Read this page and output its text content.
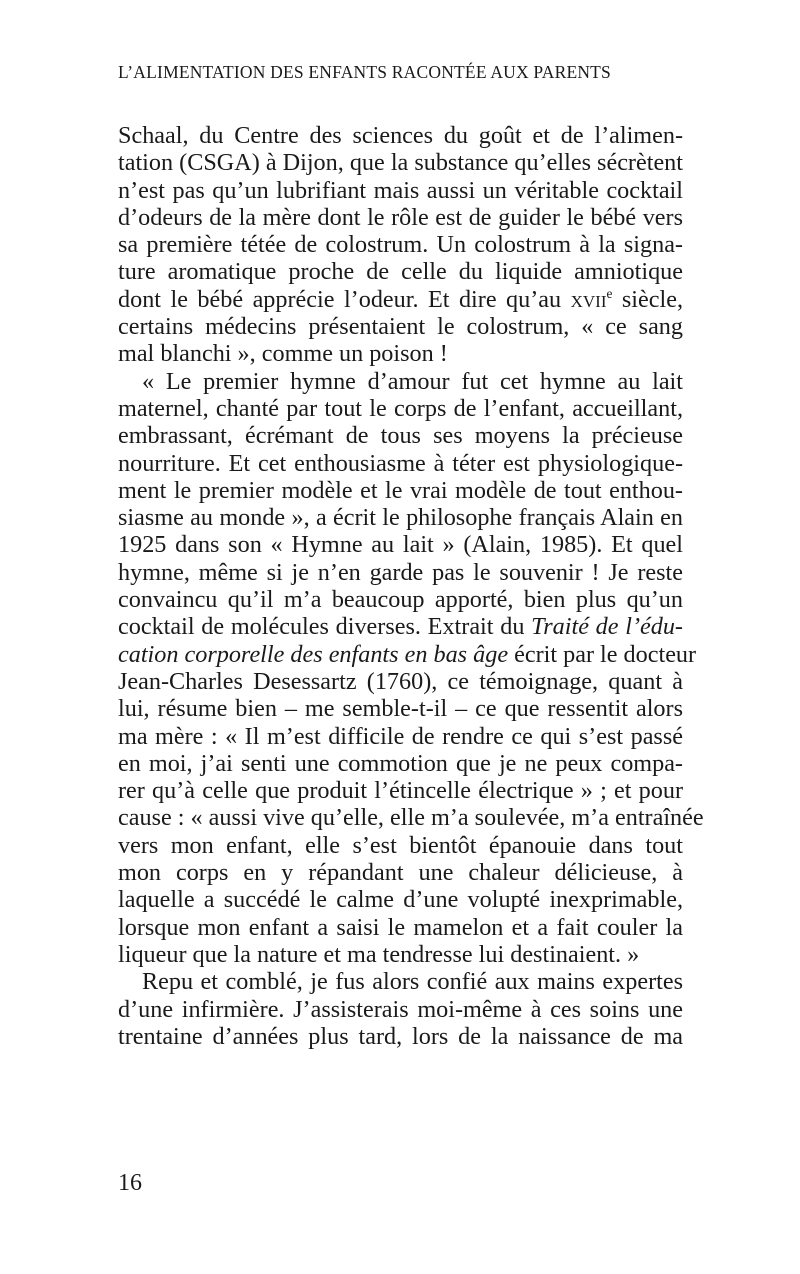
L’ALIMENTATION DES ENFANTS RACONTÉE AUX PARENTS
Schaal, du Centre des sciences du goût et de l’alimen-
tation (CSGA) à Dijon, que la substance qu’elles sécrètent
n’est pas qu’un lubrifiant mais aussi un véritable cocktail
d’odeurs de la mère dont le rôle est de guider le bébé vers
sa première tétée de colostrum. Un colostrum à la signa-
ture aromatique proche de celle du liquide amniotique
dont le bébé apprécie l’odeur. Et dire qu’au xvii$^e$ siècle,
certains médecins présentaient le colostrum, « ce sang
mal blanchi », comme un poison !
« Le premier hymne d’amour fut cet hymne au lait
maternel, chanté par tout le corps de l’enfant, accueillant,
embrassant, écrémant de tous ses moyens la précieuse
nourriture. Et cet enthousiasme à téter est physiologique-
ment le premier modèle et le vrai modèle de tout enthou-
siasme au monde », a écrit le philosophe français Alain en
1925 dans son « Hymne au lait » (Alain, 1985). Et quel
hymne, même si je n’en garde pas le souvenir ! Je reste
convaincu qu’il m’a beaucoup apporté, bien plus qu’un
cocktail de molécules diverses. Extrait du Traité de l’édu-
cation corporelle des enfants en bas âge écrit par le docteur
Jean-Charles Desessartz (1760), ce témoignage, quant à
lui, résume bien – me semble-t-il – ce que ressentit alors
ma mère : « Il m’est difficile de rendre ce qui s’est passé
en moi, j’ai senti une commotion que je ne peux compa-
rer qu’à celle que produit l’étincelle électrique » ; et pour
cause : « aussi vive qu’elle, elle m’a soulevée, m’a entraînée
vers mon enfant, elle s’est bientôt épanouie dans tout
mon corps en y répandant une chaleur délicieuse, à
laquelle a succédé le calme d’une volupté inexprimable,
lorsque mon enfant a saisi le mamelon et a fait couler la
liqueur que la nature et ma tendresse lui destinaient. »
Repu et comblé, je fus alors confié aux mains expertes
d’une infirmière. J’assisterais moi-même à ces soins une
trentaine d’années plus tard, lors de la naissance de ma
16
